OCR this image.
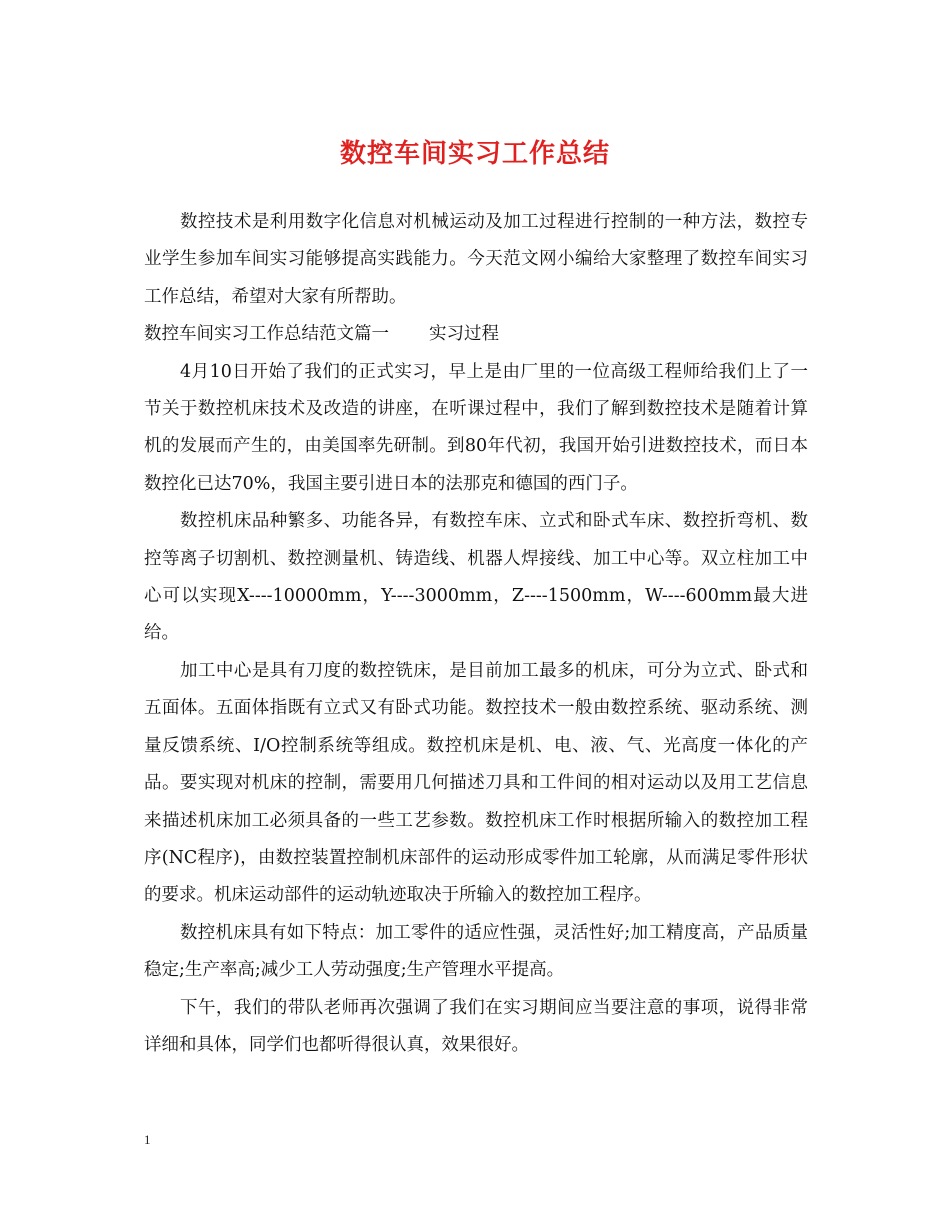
数控车间实习工作总结

数控技术是利用数字化信息对机械运动及加工过程进行控制的一种方法，数控专业学生参加车间实习能够提高实践能力。今天范文网小编给大家整理了数控车间实习工作总结，希望对大家有所帮助。

数控车间实习工作总结范文篇一 实习过程

4月10日开始了我们的正式实习，早上是由厂里的一位高级工程师给我们上了一节关于数控机床技术及改造的讲座，在听课过程中，我们了解到数控技术是随着计算机的发展而产生的，由美国率先研制。到80年代初，我国开始引进数控技术，而日本数控化已达70%，我国主要引进日本的法那克和德国的西门子。

数控机床品种繁多、功能各异，有数控车床、立式和卧式车床、数控折弯机、数控等离子切割机、数控测量机、铸造线、机器人焊接线、加工中心等。双立柱加工中心可以实现X----10000mm，Y----3000mm，Z----1500mm，W----600mm最大进给。

加工中心是具有刀度的数控铣床，是目前加工最多的机床，可分为立式、卧式和五面体。五面体指既有立式又有卧式功能。数控技术一般由数控系统、驱动系统、测量反馈系统、I/O控制系统等组成。数控机床是机、电、液、气、光高度一体化的产品。要实现对机床的控制，需要用几何描述刀具和工件间的相对运动以及用工艺信息来描述机床加工必须具备的一些工艺参数。数控机床工作时根据所输入的数控加工程序(NC程序)，由数控装置控制机床部件的运动形成零件加工轮廓，从而满足零件形状的要求。机床运动部件的运动轨迹取决于所输入的数控加工程序。

数控机床具有如下特点：加工零件的适应性强，灵活性好;加工精度高，产品质量稳定;生产率高;减少工人劳动强度;生产管理水平提高。

下午，我们的带队老师再次强调了我们在实习期间应当要注意的事项，说得非常详细和具体，同学们也都听得很认真，效果很好。

1
